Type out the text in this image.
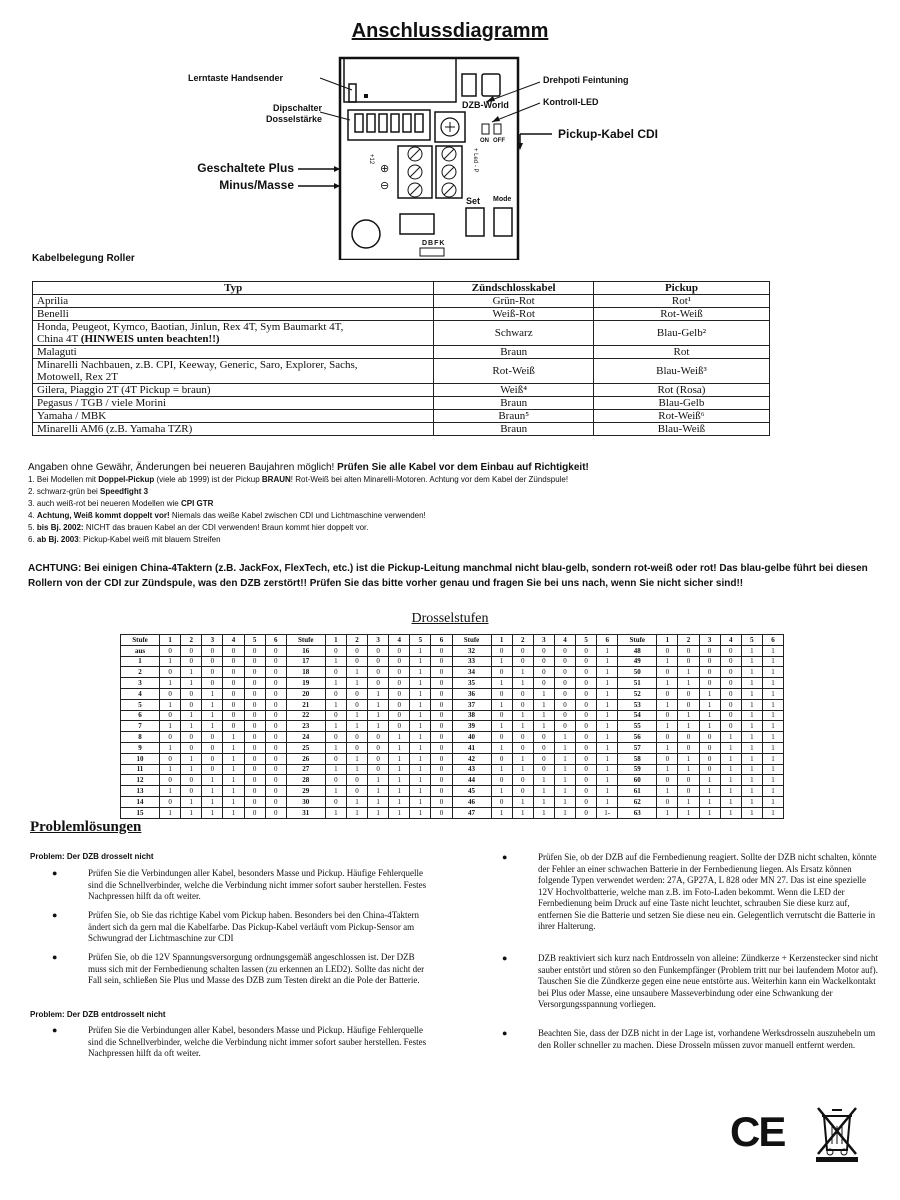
Anschlussdiagramm
Lerntaste Handsender
Dipschalter
Dosselstärke
Geschaltete Plus
Minus/Masse
Drehpoti Feintuning
Kontroll-LED
Pickup-Kabel CDI
DZB-World
ON OFF
Set Mode
DBFK
+12	+ Led - P
⊕
⊖
Kabelbelegung Roller
Typ	Zündschlosskabel	Pickup
Aprilia	Grün-Rot	Rot¹
Benelli	Weiß-Rot	Rot-Weiß
Honda, Peugeot, Kymco, Baotian, Jinlun, Rex 4T, Sym Baumarkt 4T,
China 4T (HINWEIS unten beachten!!)	Schwarz	Blau-Gelb²
Malaguti	Braun	Rot
Minarelli Nachbauen, z.B. CPI, Keeway, Generic, Saro, Explorer, Sachs,
Motowell, Rex 2T	Rot-Weiß	Blau-Weiß³
Gilera, Piaggio 2T (4T Pickup = braun)	Weiß⁴	Rot (Rosa)
Pegasus / TGB / viele Morini	Braun	Blau-Gelb
Yamaha / MBK	Braun⁵	Rot-Weiß⁶
Minarelli AM6 (z.B. Yamaha TZR)	Braun	Blau-Weiß
Angaben ohne Gewähr, Änderungen bei neueren Baujahren möglich! Prüfen Sie alle Kabel vor dem Einbau auf Richtigkeit!
1. Bei Modellen mit Doppel-Pickup (viele ab 1999) ist der Pickup BRAUN! Rot-Weiß bei alten Minarelli-Motoren. Achtung vor dem Kabel der Zündspule!
2. schwarz-grün bei Speedfight 3
3. auch weiß-rot bei neueren Modellen wie CPI GTR
4. Achtung, Weiß kommt doppelt vor! Niemals das weiße Kabel zwischen CDI und Lichtmaschine verwenden!
5. bis Bj. 2002: NICHT das brauen Kabel an der CDI verwenden! Braun kommt hier doppelt vor.
6. ab Bj. 2003: Pickup-Kabel weiß mit blauem Streifen
ACHTUNG: Bei einigen China-4Taktern (z.B. JackFox, FlexTech, etc.) ist die Pickup-Leitung manchmal nicht blau-gelb, sondern rot-weiß oder rot! Das blau-gelbe führt bei diesen Rollern von der CDI zur Zündspule, was den DZB zerstört!! Prüfen Sie das bitte vorher genau und fragen Sie bei uns nach, wenn Sie nicht sicher sind!!
Drosselstufen
Stufe	1	2	3	4	5	6	Stufe	1	2	3	4	5	6	Stufe	1	2	3	4	5	6	Stufe	1	2	3	4	5	6
aus	0	0	0	0	0	0	16	0	0	0	0	1	0	32	0	0	0	0	0	1	48	0	0	0	0	1	1
1	1	0	0	0	0	0	17	1	0	0	0	1	0	33	1	0	0	0	0	1	49	1	0	0	0	1	1
2	0	1	0	0	0	0	18	0	1	0	0	1	0	34	0	1	0	0	0	1	50	0	1	0	0	1	1
3	1	1	0	0	0	0	19	1	1	0	0	1	0	35	1	1	0	0	0	1	51	1	1	0	0	1	1
4	0	0	1	0	0	0	20	0	0	1	0	1	0	36	0	0	1	0	0	1	52	0	0	1	0	1	1
5	1	0	1	0	0	0	21	1	0	1	0	1	0	37	1	0	1	0	0	1	53	1	0	1	0	1	1
6	0	1	1	0	0	0	22	0	1	1	0	1	0	38	0	1	1	0	0	1	54	0	1	1	0	1	1
7	1	1	1	0	0	0	23	1	1	1	0	1	0	39	1	1	1	0	0	1	55	1	1	1	0	1	1
8	0	0	0	1	0	0	24	0	0	0	1	1	0	40	0	0	0	1	0	1	56	0	0	0	1	1	1
9	1	0	0	1	0	0	25	1	0	0	1	1	0	41	1	0	0	1	0	1	57	1	0	0	1	1	1
10	0	1	0	1	0	0	26	0	1	0	1	1	0	42	0	1	0	1	0	1	58	0	1	0	1	1	1
11	1	1	0	1	0	0	27	1	1	0	1	1	0	43	1	1	0	1	0	1	59	1	1	0	1	1	1
12	0	0	1	1	0	0	28	0	0	1	1	1	0	44	0	0	1	1	0	1	60	0	0	1	1	1	1
13	1	0	1	1	0	0	29	1	0	1	1	1	0	45	1	0	1	1	0	1	61	1	0	1	1	1	1
14	0	1	1	1	0	0	30	0	1	1	1	1	0	46	0	1	1	1	0	1	62	0	1	1	1	1	1
15	1	1	1	1	0	0	31	1	1	1	1	1	0	47	1	1	1	1	0	1-	63	1	1	1	1	1	1
Problemlösungen
Problem: Der DZB drosselt nicht
●	Prüfen Sie die Verbindungen aller Kabel, besonders Masse und Pickup. Häufige Fehlerquelle sind die Schnellverbinder, welche die Verbindung nicht immer sofort sauber herstellen. Festes Nachpressen hilft da oft weiter.
●	Prüfen Sie, ob Sie das richtige Kabel vom Pickup haben. Besonders bei den China-4Taktern ändert sich da gern mal die Kabelfarbe. Das Pickup-Kabel verläuft vom Pickup-Sensor am Schwungrad der Lichtmaschine zur CDI
●	Prüfen Sie, ob die 12V Spannungsversorgung ordnungsgemäß angeschlossen ist. Der DZB muss sich mit der Fernbedienung schalten lassen (zu erkennen an LED2). Sollte das nicht der Fall sein, schließen Sie Plus und Masse des DZB zum Testen direkt an die Pole der Batterie.
Problem: Der DZB entdrosselt nicht
●	Prüfen Sie die Verbindungen aller Kabel, besonders Masse und Pickup. Häufige Fehlerquelle sind die Schnellverbinder, welche die Verbindung nicht immer sofort sauber herstellen. Festes Nachpressen hilft da oft weiter.
●	Prüfen Sie, ob der DZB auf die Fernbedienung reagiert. Sollte der DZB nicht schalten, könnte der Fehler an einer schwachen Batterie in der Fernbedienung liegen. Als Ersatz können folgende Typen verwendet werden: 27A, GP27A, L 828 oder MN 27. Das ist eine spezielle 12V Hochvoltbatterie, welche man z.B. im Foto-Laden bekommt. Wenn die LED der Fernbedienung beim Druck auf eine Taste nicht leuchtet, schrauben Sie diese kurz auf, entfernen Sie die Batterie und setzen Sie diese neu ein. Gelegentlich verrutscht die Batterie in ihrer Halterung.
●	DZB reaktiviert sich kurz nach Entdrosseln von alleine: Zündkerze + Kerzenstecker sind nicht sauber entstört und stören so den Funkempfänger (Problem tritt nur bei laufendem Motor auf). Tauschen Sie die Zündkerze gegen eine neue entstörte aus. Weiterhin kann ein Wackelkontakt bei Plus oder Masse, eine unsaubere Masseverbindung oder eine Schwankung der Versorgungsspannung vorliegen.
●	Beachten Sie, dass der DZB nicht in der Lage ist, vorhandene Werksdrosseln auszuhebeln um den Roller schneller zu machen. Diese Drosseln müssen zuvor manuell entfernt werden.
CE
